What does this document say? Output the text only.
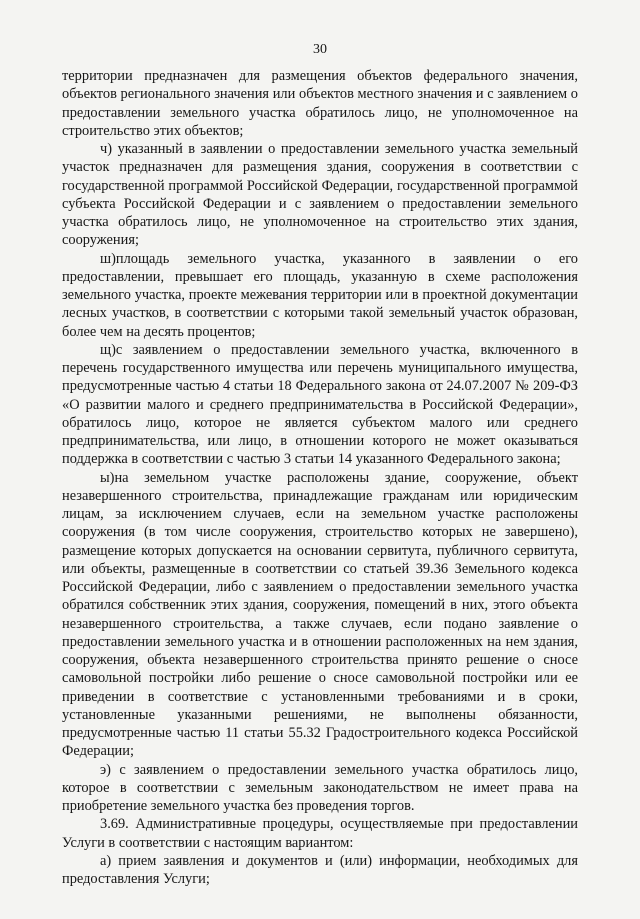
30

территории предназначен для размещения объектов федерального значения, объектов регионального значения или объектов местного значения и с заявлением о предоставлении земельного участка обратилось лицо, не уполномоченное на строительство этих объектов;

ч) указанный в заявлении о предоставлении земельного участка земельный участок предназначен для размещения здания, сооружения в соответствии с государственной программой Российской Федерации, государственной программой субъекта Российской Федерации и с заявлением о предоставлении земельного участка обратилось лицо, не уполномоченное на строительство этих здания, сооружения;

ш)площадь земельного участка, указанного в заявлении о его предоставлении, превышает его площадь, указанную в схеме расположения земельного участка, проекте межевания территории или в проектной документации лесных участков, в соответствии с которыми такой земельный участок образован, более чем на десять процентов;

щ)с заявлением о предоставлении земельного участка, включенного в перечень государственного имущества или перечень муниципального имущества, предусмотренные частью 4 статьи 18 Федерального закона от 24.07.2007 № 209-ФЗ «О развитии малого и среднего предпринимательства в Российской Федерации», обратилось лицо, которое не является субъектом малого или среднего предпринимательства, или лицо, в отношении которого не может оказываться поддержка в соответствии с частью 3 статьи 14 указанного Федерального закона;

ы)на земельном участке расположены здание, сооружение, объект незавершенного строительства, принадлежащие гражданам или юридическим лицам, за исключением случаев, если на земельном участке расположены сооружения (в том числе сооружения, строительство которых не завершено), размещение которых допускается на основании сервитута, публичного сервитута, или объекты, размещенные в соответствии со статьей 39.36 Земельного кодекса Российской Федерации, либо с заявлением о предоставлении земельного участка обратился собственник этих здания, сооружения, помещений в них, этого объекта незавершенного строительства, а также случаев, если подано заявление о предоставлении земельного участка и в отношении расположенных на нем здания, сооружения, объекта незавершенного строительства принято решение о сносе самовольной постройки либо решение о сносе самовольной постройки или ее приведении в соответствие с установленными требованиями и в сроки, установленные указанными решениями, не выполнены обязанности, предусмотренные частью 11 статьи 55.32 Градостроительного кодекса Российской Федерации;

э) с заявлением о предоставлении земельного участка обратилось лицо, которое в соответствии с земельным законодательством не имеет права на приобретение земельного участка без проведения торгов.

3.69. Административные процедуры, осуществляемые при предоставлении Услуги в соответствии с настоящим вариантом:

а) прием заявления и документов и (или) информации, необходимых для предоставления Услуги;
